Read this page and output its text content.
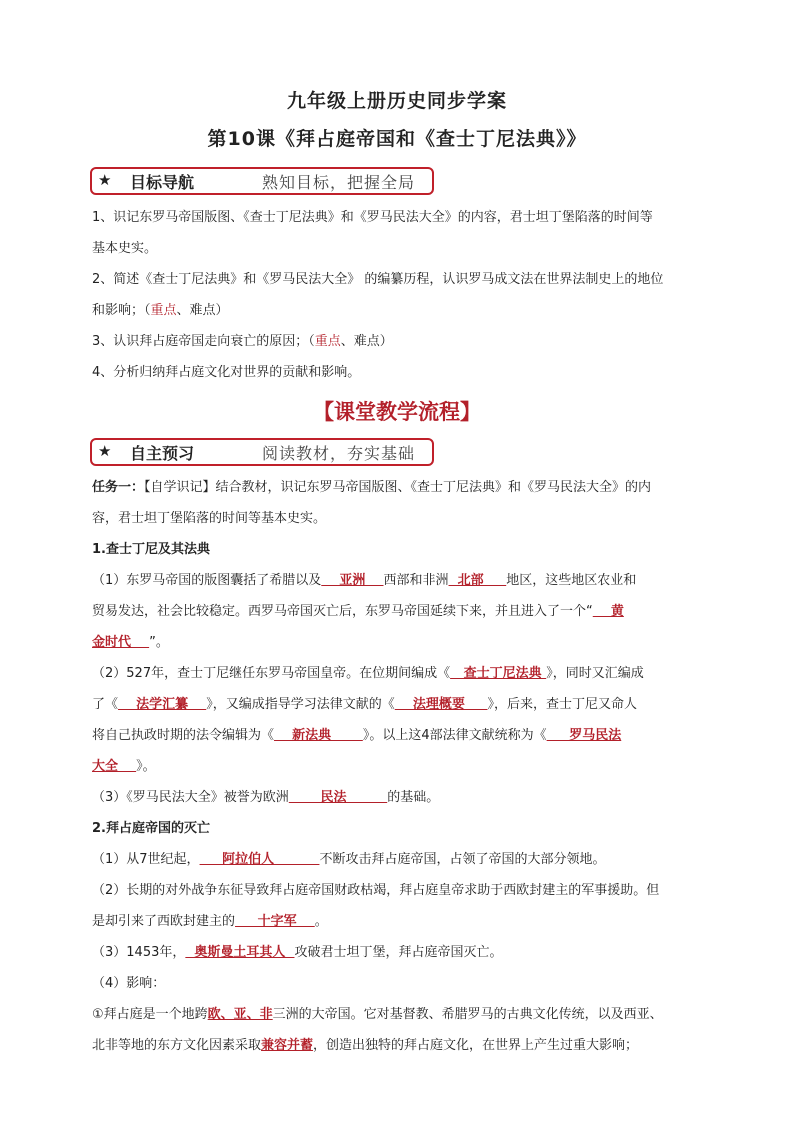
九年级上册历史同步学案
第10课《拜占庭帝国和《查士丁尼法典》》
★ 目标导航	熟知目标，把握全局
1、识记东罗马帝国版图、《查士丁尼法典》和《罗马民法大全》的内容，君士坦丁堡陷落的时间等
基本史实。
2、简述《查士丁尼法典》和《罗马民法大全》 的编纂历程，认识罗马成文法在世界法制史上的地位
和影响；（重点、难点）
3、认识拜占庭帝国走向衰亡的原因；（重点、难点）
4、分析归纳拜占庭文化对世界的贡献和影响。
【课堂教学流程】
★ 自主预习	阅读教材，夯实基础
任务一：【自学识记】结合教材，识记东罗马帝国版图、《查士丁尼法典》和《罗马民法大全》的内
容，君士坦丁堡陷落的时间等基本史实。
1.查士丁尼及其法典
（1）东罗马帝国的版图囊括了希腊以及    亚洲    西部和非洲  北部     地区，这些地区农业和
贸易发达，社会比较稳定。西罗马帝国灭亡后，东罗马帝国延续下来，并且进入了一个“    黄
金时代    ”。
（2）527年，查士丁尼继任东罗马帝国皇帝。在位期间编成《   查士丁尼法典 》，同时又汇编成
了《    法学汇纂    》，又编成指导学习法律文献的《    法理概要     》，后来，查士丁尼又命人
将自己执政时期的法令编辑为《    新法典       》。以上这4部法律文献统称为《     罗马民法
大全    》。
（3）《罗马民法大全》被誉为欧洲       民法         的基础。
2.拜占庭帝国的灭亡
（1）从7世纪起，     阿拉伯人          不断攻击拜占庭帝国，占领了帝国的大部分领地。
（2）长期的对外战争东征导致拜占庭帝国财政枯竭，拜占庭皇帝求助于西欧封建主的军事援助。但
是却引来了西欧封建主的     十字军    。
（3）1453年，  奥斯曼土耳其人  攻破君士坦丁堡，拜占庭帝国灭亡。
（4）影响：
①拜占庭是一个地跨欧、亚、非三洲的大帝国。它对基督教、希腊罗马的古典文化传统，以及西亚、
北非等地的东方文化因素采取兼容并蓄，创造出独特的拜占庭文化，在世界上产生过重大影响；
